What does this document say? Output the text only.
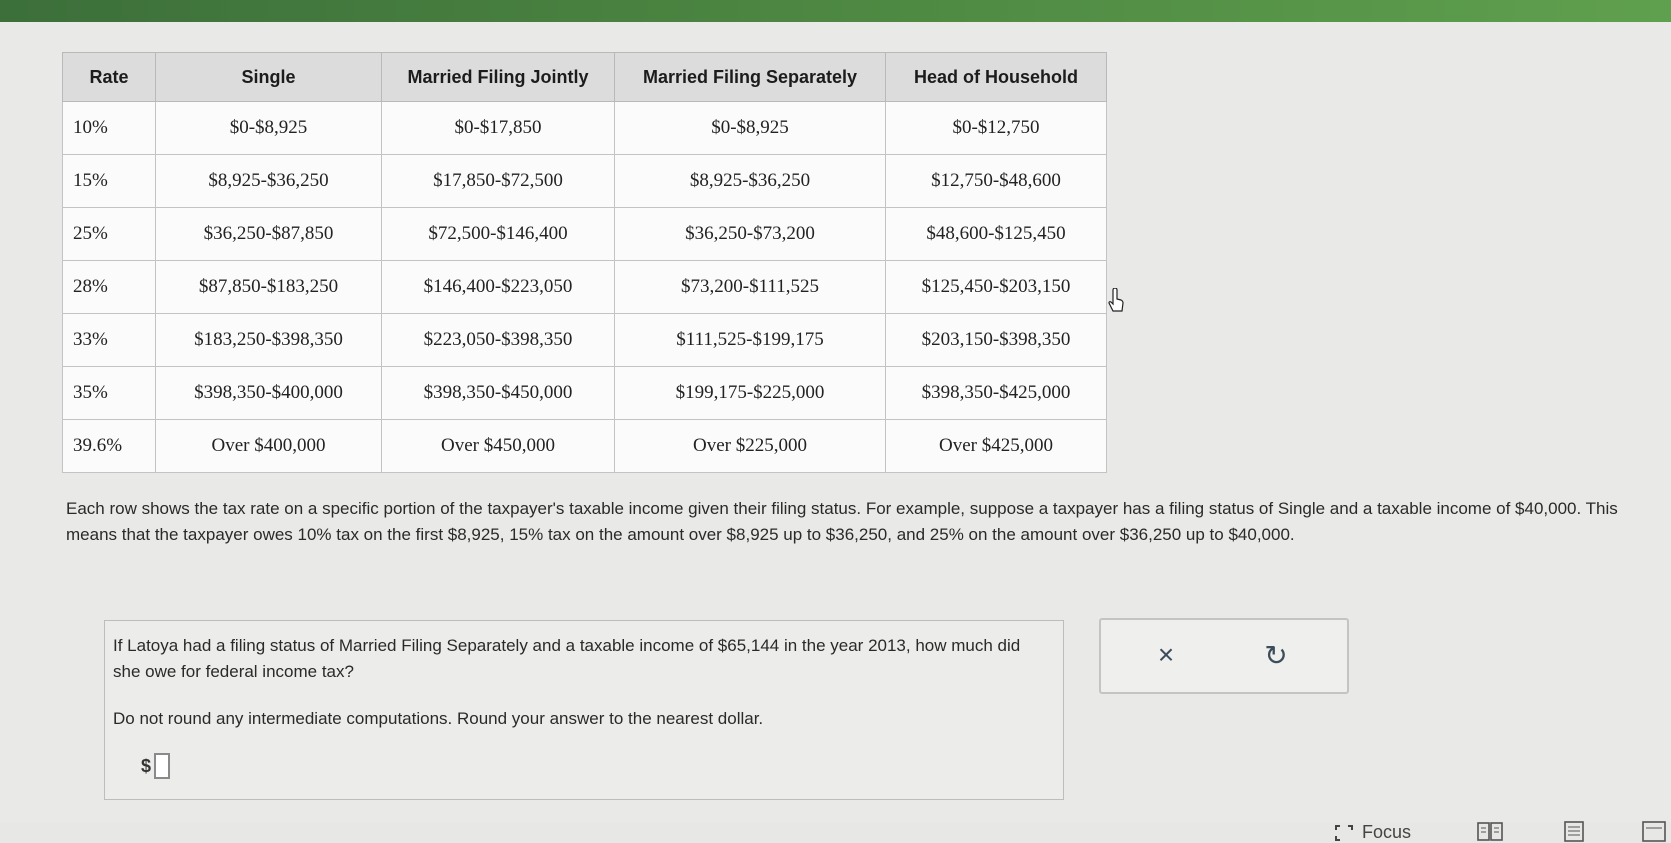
Rate	Single	Married Filing Jointly	Married Filing Separately	Head of Household
10%	$0-$8,925	$0-$17,850	$0-$8,925	$0-$12,750
15%	$8,925-$36,250	$17,850-$72,500	$8,925-$36,250	$12,750-$48,600
25%	$36,250-$87,850	$72,500-$146,400	$36,250-$73,200	$48,600-$125,450
28%	$87,850-$183,250	$146,400-$223,050	$73,200-$111,525	$125,450-$203,150
33%	$183,250-$398,350	$223,050-$398,350	$111,525-$199,175	$203,150-$398,350
35%	$398,350-$400,000	$398,350-$450,000	$199,175-$225,000	$398,350-$425,000
39.6%	Over $400,000	Over $450,000	Over $225,000	Over $425,000
Each row shows the tax rate on a specific portion of the taxpayer's taxable income given their filing status. For example, suppose a taxpayer has a filing status of Single and a taxable income of $40,000. This means that the taxpayer owes 10% tax on the first $8,925, 15% tax on the amount over $8,925 up to $36,250, and 25% on the amount over $36,250 up to $40,000.
If Latoya had a filing status of Married Filing Separately and a taxable income of $65,144 in the year 2013, how much did she owe for federal income tax?
Do not round any intermediate computations. Round your answer to the nearest dollar.
$
×	↻
Focus
